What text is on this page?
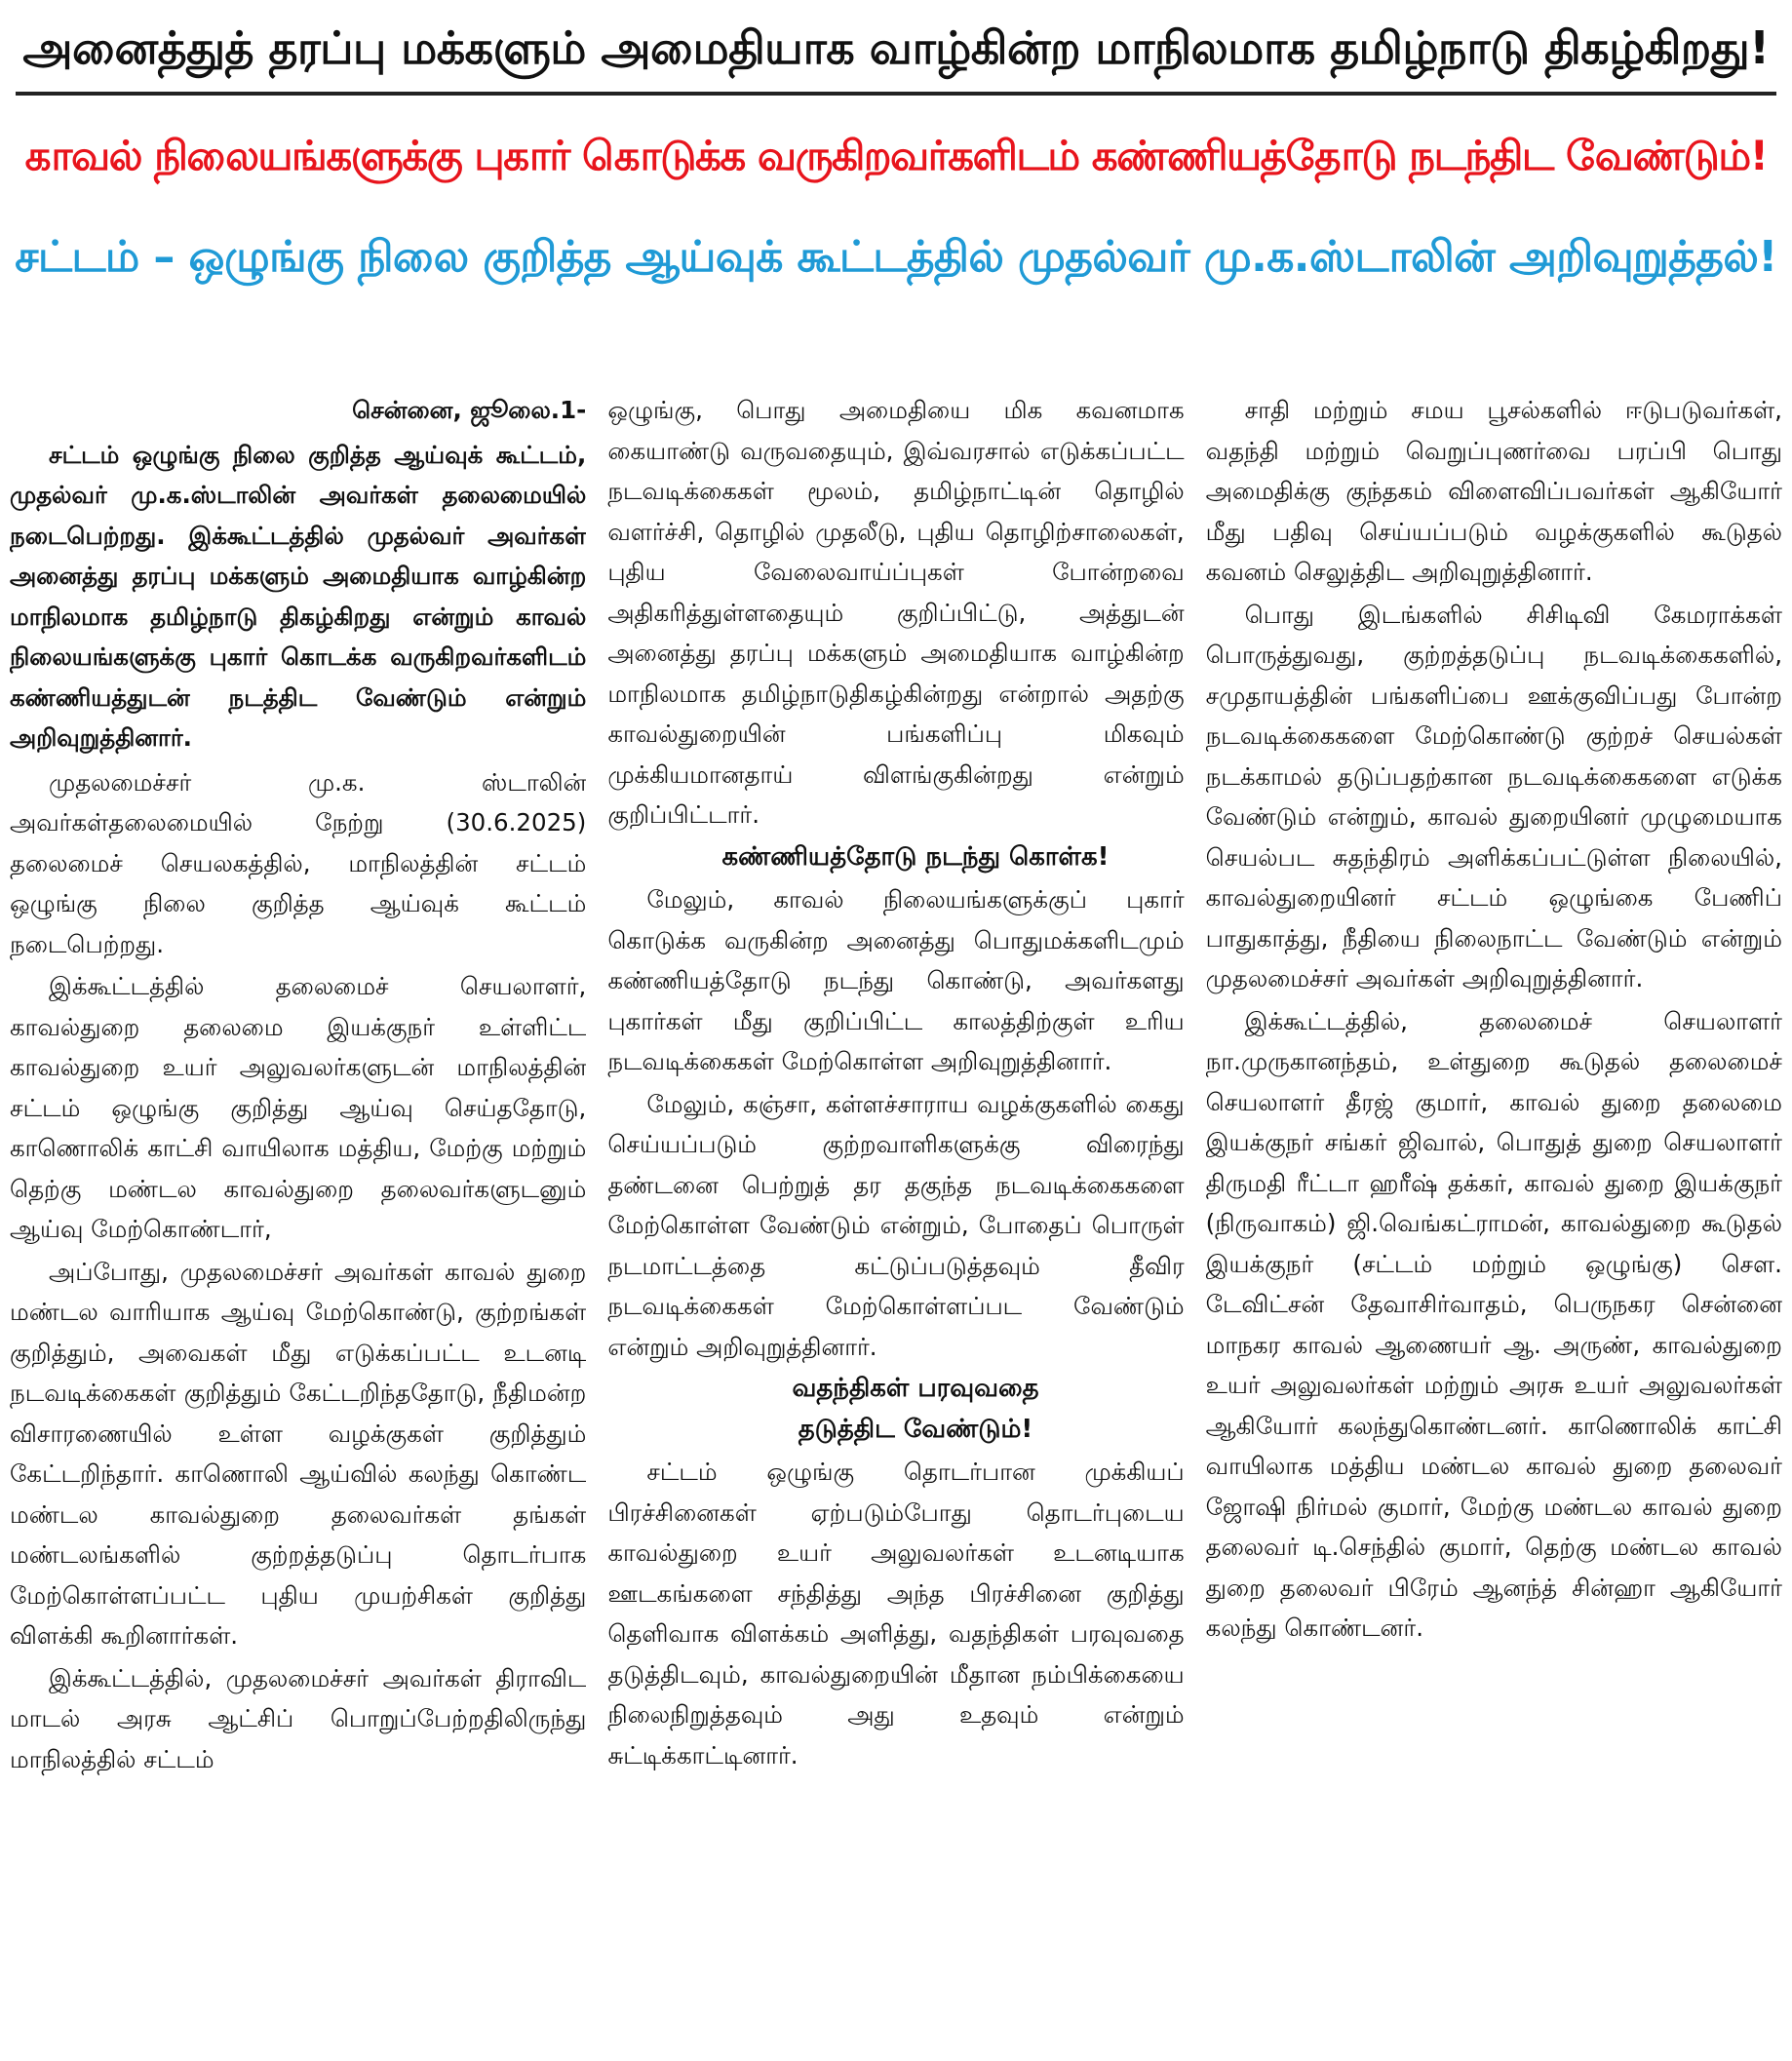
அனைத்துத் தரப்பு மக்களும் அமைதியாக வாழ்கின்ற மாநிலமாக தமிழ்நாடு திகழ்கிறது!
காவல் நிலையங்களுக்கு புகார் கொடுக்க வருகிறவர்களிடம் கண்ணியத்தோடு நடந்திட வேண்டும்!
சட்டம் – ஒழுங்கு நிலை குறித்த ஆய்வுக் கூட்டத்தில் முதல்வர் மு.க.ஸ்டாலின் அறிவுறுத்தல்!
சென்னை, ஜூலை.1-
சட்டம் ஒழுங்கு நிலை குறித்த ஆய்வுக் கூட்டம், முதல்வர் மு.க.ஸ்டாலின் அவர்கள் தலைமையில் நடைபெற்றது. இக்கூட்டத்தில் முதல்வர் அவர்கள் அனைத்து தரப்பு மக்களும் அமைதியாக வாழ்கின்ற மாநிலமாக தமிழ்நாடு திகழ்கிறது என்றும் காவல் நிலையங்களுக்கு புகார் கொடக்க வருகிறவர்களிடம் கண்ணியத்துடன் நடத்திட வேண்டும் என்றும் அறிவுறுத்தினார்.

முதலமைச்சர் மு.க. ஸ்டாலின் அவர்கள்தலைமையில் நேற்று (30.6.2025) தலைமைச் செயலகத்தில், மாநிலத்தின் சட்டம் ஒழுங்கு நிலை குறித்த ஆய்வுக் கூட்டம் நடைபெற்றது.

இக்கூட்டத்தில் தலைமைச் செயலாளர், காவல்துறை தலைமை இயக்குநர் உள்ளிட்ட காவல்துறை உயர் அலுவலர்களுடன் மாநிலத்தின் சட்டம் ஒழுங்கு குறித்து ஆய்வு செய்ததோடு, காணொலிக் காட்சி வாயிலாக மத்திய, மேற்கு மற்றும் தெற்கு மண்டல காவல்துறை தலைவர்களுடனும் ஆய்வு மேற்கொண்டார்,

அப்போது, முதலமைச்சர் அவர்கள் காவல் துறை மண்டல வாரியாக ஆய்வு மேற்கொண்டு, குற்றங்கள் குறித்தும், அவைகள் மீது எடுக்கப்பட்ட உடனடி நடவடிக்கைகள் குறித்தும் கேட்டறிந்ததோடு, நீதிமன்ற விசாரணையில் உள்ள வழக்குகள் குறித்தும் கேட்டறிந்தார். காணொலி ஆய்வில் கலந்து கொண்ட மண்டல காவல்துறை தலைவர்கள் தங்கள் மண்டலங்களில் குற்றத்தடுப்பு தொடர்பாக மேற்கொள்ளப்பட்ட புதிய முயற்சிகள் குறித்து விளக்கி கூறினார்கள்.

இக்கூட்டத்தில், முதலமைச்சர் அவர்கள் திராவிட மாடல் அரசு ஆட்சிப் பொறுப்பேற்றதிலிருந்து மாநிலத்தில் சட்டம்

ஒழுங்கு, பொது அமைதியை மிக கவனமாக கையாண்டு வருவதையும், இவ்வரசால் எடுக்கப்பட்ட நடவடிக்கைகள் மூலம், தமிழ்நாட்டின் தொழில் வளர்ச்சி, தொழில் முதலீடு, புதிய தொழிற்சாலைகள், புதிய வேலைவாய்ப்புகள் போன்றவை அதிகரித்துள்ளதையும் குறிப்பிட்டு, அத்துடன் அனைத்து தரப்பு மக்களும் அமைதியாக வாழ்கின்ற மாநிலமாக தமிழ்நாடுதிகழ்கின்றது என்றால் அதற்கு காவல்துறையின் பங்களிப்பு மிகவும் முக்கியமானதாய் விளங்குகின்றது என்றும் குறிப்பிட்டார்.

கண்ணியத்தோடு நடந்து கொள்க!

மேலும், காவல் நிலையங்களுக்குப் புகார் கொடுக்க வருகின்ற அனைத்து பொதுமக்களிடமும் கண்ணியத்தோடு நடந்து கொண்டு, அவர்களது புகார்கள் மீது குறிப்பிட்ட காலத்திற்குள் உரிய நடவடிக்கைகள் மேற்கொள்ள அறிவுறுத்தினார்.

மேலும், கஞ்சா, கள்ளச்சாராய வழக்குகளில் கைது செய்யப்படும் குற்றவாளிகளுக்கு விரைந்து தண்டனை பெற்றுத் தர தகுந்த நடவடிக்கைகளை மேற்கொள்ள வேண்டும் என்றும், போதைப் பொருள் நடமாட்டத்தை கட்டுப்படுத்தவும் தீவிர நடவடிக்கைகள் மேற்கொள்ளப்பட வேண்டும் என்றும் அறிவுறுத்தினார்.

வதந்திகள் பரவுவதை

தடுத்திட வேண்டும்!

சட்டம் ஒழுங்கு தொடர்பான முக்கியப் பிரச்சினைகள் ஏற்படும்போது தொடர்புடைய காவல்துறை உயர் அலுவலர்கள் உடனடியாக ஊடகங்களை சந்தித்து அந்த பிரச்சினை குறித்து தெளிவாக விளக்கம் அளித்து, வதந்திகள் பரவுவதை தடுத்திடவும், காவல்துறையின் மீதான நம்பிக்கையை நிலைநிறுத்தவும் அது உதவும் என்றும் சுட்டிக்காட்டினார்.

சாதி மற்றும் சமய பூசல்களில் ஈடுபடுவர்கள், வதந்தி மற்றும் வெறுப்புணர்வை பரப்பி பொது அமைதிக்கு குந்தகம் விளைவிப்பவர்கள் ஆகியோர் மீது பதிவு செய்யப்படும் வழக்குகளில் கூடுதல் கவனம் செலுத்திட அறிவுறுத்தினார்.

பொது இடங்களில் சிசிடிவி கேமராக்கள் பொருத்துவது, குற்றத்தடுப்பு நடவடிக்கைகளில், சமுதாயத்தின் பங்களிப்பை ஊக்குவிப்பது போன்ற நடவடிக்கைகளை மேற்கொண்டு குற்றச் செயல்கள் நடக்காமல் தடுப்பதற்கான நடவடிக்கைகளை எடுக்க வேண்டும் என்றும், காவல் துறையினர் முழுமையாக செயல்பட சுதந்திரம் அளிக்கப்பட்டுள்ள நிலையில், காவல்துறையினர் சட்டம் ஒழுங்கை பேணிப் பாதுகாத்து, நீதியை நிலைநாட்ட வேண்டும் என்றும் முதலமைச்சர் அவர்கள் அறிவுறுத்தினார்.

இக்கூட்டத்தில், தலைமைச் செயலாளர் நா.முருகானந்தம், உள்துறை கூடுதல் தலைமைச் செயலாளர் தீரஜ் குமார், காவல் துறை தலைமை இயக்குநர் சங்கர் ஜிவால், பொதுத் துறை செயலாளர் திருமதி ரீட்டா ஹரீஷ் தக்கர், காவல் துறை இயக்குநர் (நிருவாகம்) ஜி.வெங்கட்ராமன், காவல்துறை கூடுதல் இயக்குநர் (சட்டம் மற்றும் ஒழுங்கு) செள. டேவிட்சன் தேவாசிர்வாதம், பெருநகர சென்னை மாநகர காவல் ஆணையர் ஆ. அருண், காவல்துறை உயர் அலுவலர்கள் மற்றும் அரசு உயர் அலுவலர்கள் ஆகியோர் கலந்துகொண்டனர். காணொலிக் காட்சி வாயிலாக மத்திய மண்டல காவல் துறை தலைவர் ஜோஷி நிர்மல் குமார், மேற்கு மண்டல காவல் துறை தலைவர் டி.செந்தில் குமார், தெற்கு மண்டல காவல் துறை தலைவர் பிரேம் ஆனந்த் சின்ஹா ஆகியோர் கலந்து கொண்டனர்.
